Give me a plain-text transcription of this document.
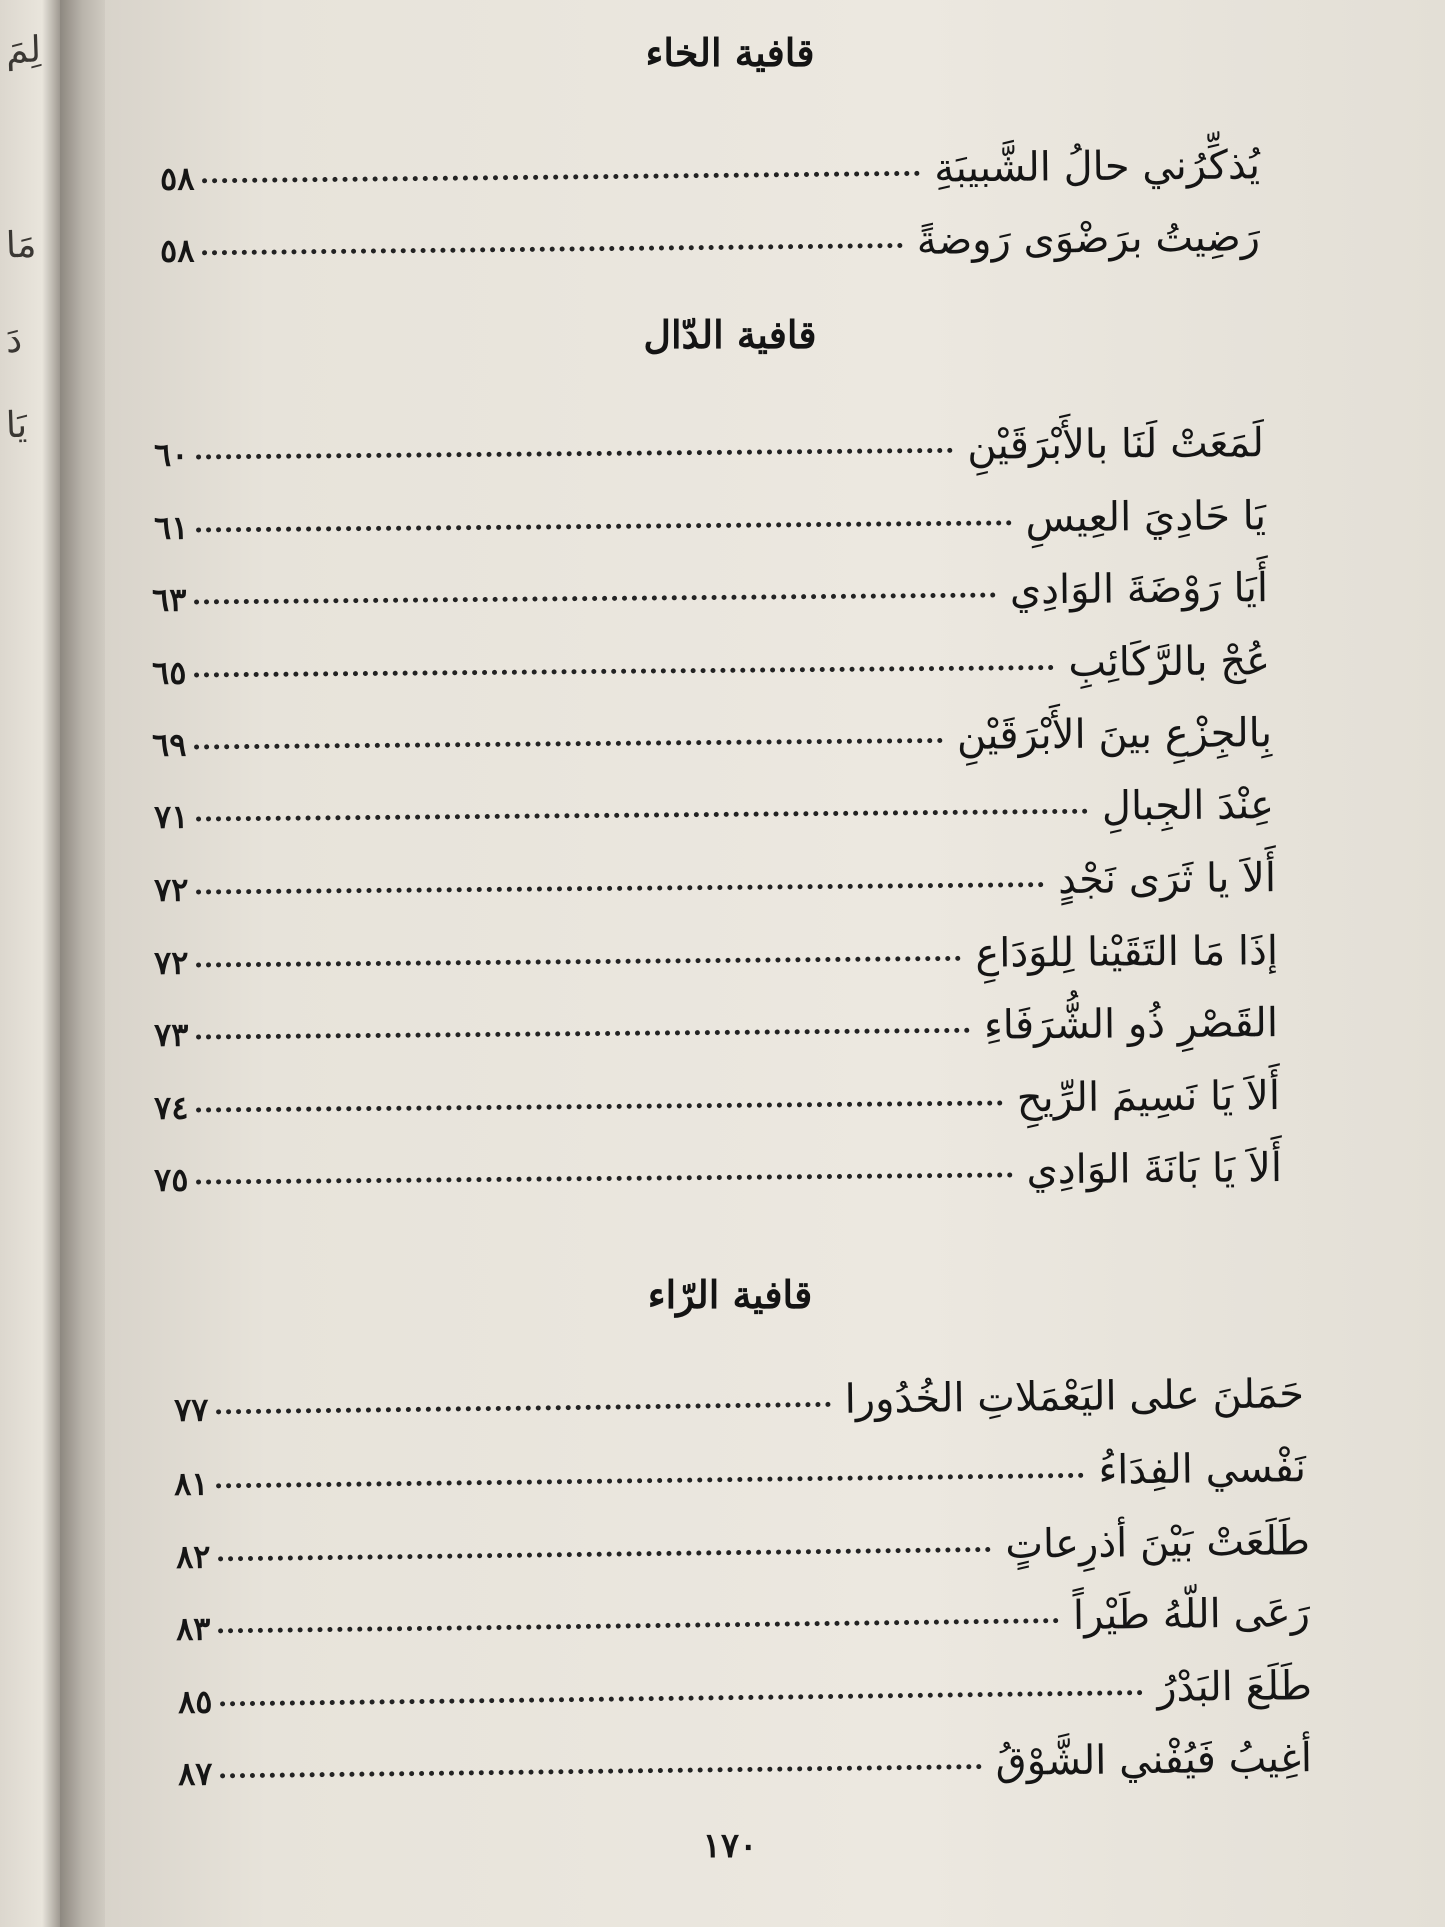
لِمَ
مَا
دَ
يَا
قافية الخاء
يُذكِّرُني حالُ الشَّبيبَةِ
٥٨
رَضِيتُ برَضْوَى رَوضةً
٥٨
قافية الدّال
لَمَعَتْ لَنَا بالأَبْرَقَيْنِ
٦٠
يَا حَادِيَ العِيسِ
٦١
أَيَا رَوْضَةَ الوَادِي
٦٣
عُجْ بالرَّكَائِبِ
٦٥
بِالجِزْعِ بينَ الأَبْرَقَيْنِ
٦٩
عِنْدَ الجِبالِ
٧١
أَلاَ يا ثَرَى نَجْدٍ
٧٢
إذَا مَا التَقَيْنا لِلوَدَاعِ
٧٢
القَصْرِ ذُو الشُّرَفَاءِ
٧٣
أَلاَ يَا نَسِيمَ الرِّيحِ
٧٤
أَلاَ يَا بَانَةَ الوَادِي
٧٥
قافية الرّاء
حَمَلنَ على اليَعْمَلاتِ الخُدُورا
٧٧
نَفْسي الفِدَاءُ
٨١
طَلَعَتْ بَيْنَ أذرِعاتٍ
٨٢
رَعَى اللّهُ طَيْراً
٨٣
طَلَعَ البَدْرُ
٨٥
أغِيبُ فَيُفْني الشَّوْقُ
٨٧
١٧٠
